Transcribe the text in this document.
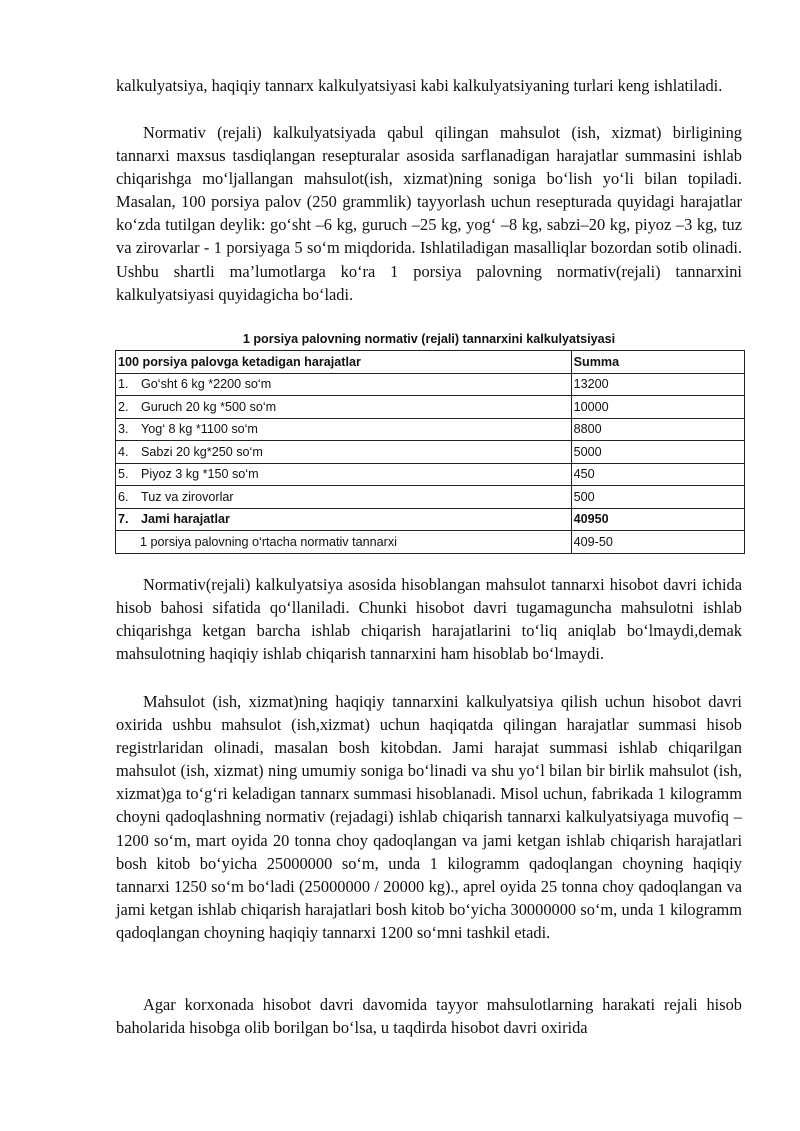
kalkulyatsiya, haqiqiy tannarx kalkulyatsiyasi kabi kalkulyatsiyaning turlari keng ishlatiladi.

Normativ (rejali) kalkulyatsiyada qabul qilingan mahsulot (ish, xizmat) birligining tannarxi maxsus tasdiqlangan resepturalar asosida sarflanadigan harajatlar summasini ishlab chiqarishga mo‘ljallangan mahsulot(ish, xizmat)ning soniga bo‘lish yo‘li bilan topiladi. Masalan, 100 porsiya palov (250 grammlik) tayyorlash uchun resepturada quyidagi harajatlar ko‘zda tutilgan deylik: go‘sht –6 kg, guruch –25 kg, yog‘ –8 kg, sabzi–20 kg, piyoz –3 kg, tuz va zirovarlar - 1 porsiyaga 5 so‘m miqdorida. Ishlatiladigan masalliqlar bozordan sotib olinadi. Ushbu shartli ma’lumotlarga ko‘ra 1 porsiya palovning normativ(rejali) tannarxini kalkulyatsiyasi quyidagicha bo‘ladi.

1 porsiya palovning normativ (rejali) tannarxini kalkulyatsiyasi
100 porsiya palovga ketadigan harajatlar	Summa
1. Go‘sht 6 kg *2200 so‘m	13200
2. Guruch 20 kg *500 so‘m	10000
3. Yog‘ 8 kg *1100 so‘m	8800
4. Sabzi 20 kg*250 so‘m	5000
5. Piyoz 3 kg *150 so‘m	450
6. Tuz va zirovorlar	500
7. Jami harajatlar	40950
1 porsiya palovning o‘rtacha normativ tannarxi	409-50

Normativ(rejali) kalkulyatsiya asosida hisoblangan mahsulot tannarxi hisobot davri ichida hisob bahosi sifatida qo‘llaniladi. Chunki hisobot davri tugamaguncha mahsulotni ishlab chiqarishga ketgan barcha ishlab chiqarish harajatlarini to‘liq aniqlab bo‘lmaydi,demak mahsulotning haqiqiy ishlab chiqarish tannarxini ham hisoblab bo‘lmaydi.

Mahsulot (ish, xizmat)ning haqiqiy tannarxini kalkulyatsiya qilish uchun hisobot davri oxirida ushbu mahsulot (ish,xizmat) uchun haqiqatda qilingan harajatlar summasi hisob registrlaridan olinadi, masalan bosh kitobdan. Jami harajat summasi ishlab chiqarilgan mahsulot (ish, xizmat) ning umumiy soniga bo‘linadi va shu yo‘l bilan bir birlik mahsulot (ish, xizmat)ga to‘g‘ri keladigan tannarx summasi hisoblanadi. Misol uchun, fabrikada 1 kilogramm choyni qadoqlashning normativ (rejadagi) ishlab chiqarish tannarxi kalkulyatsiyaga muvofiq – 1200 so‘m, mart oyida 20 tonna choy qadoqlangan va jami ketgan ishlab chiqarish harajatlari bosh kitob bo‘yicha 25000000 so‘m, unda 1 kilogramm qadoqlangan choyning haqiqiy tannarxi 1250 so‘m bo‘ladi (25000000 / 20000 kg)., aprel oyida 25 tonna choy qadoqlangan va jami ketgan ishlab chiqarish harajatlari bosh kitob bo‘yicha 30000000 so‘m, unda 1 kilogramm qadoqlangan choyning haqiqiy tannarxi 1200 so‘mni tashkil etadi.

Agar korxonada hisobot davri davomida tayyor mahsulotlarning harakati rejali hisob baholarida hisobga olib borilgan bo‘lsa, u taqdirda hisobot davri oxirida
